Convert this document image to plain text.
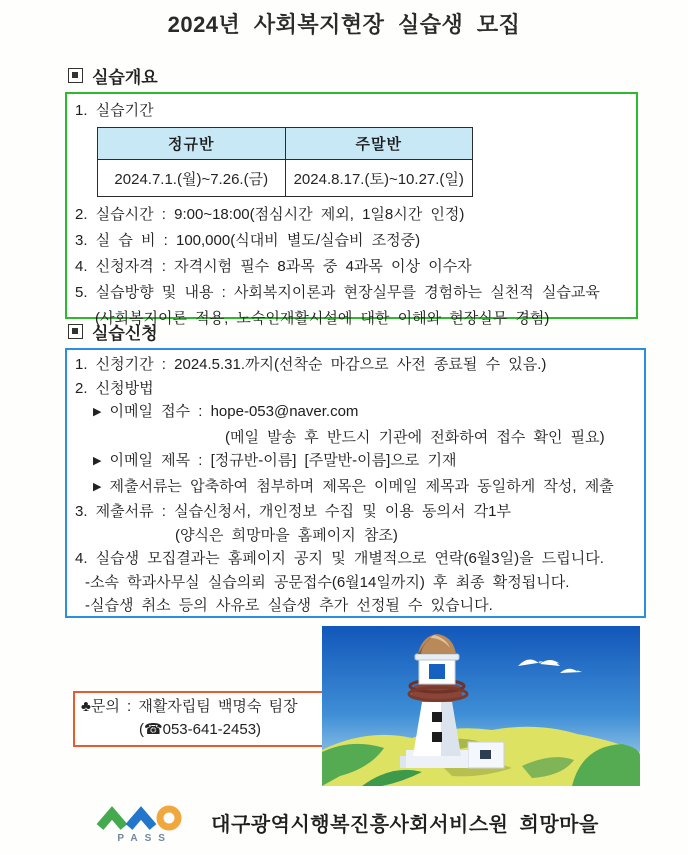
2024년 사회복지현장 실습생 모집
실습개요
1. 실습기간
정규반	주말반
2024.7.1.(월)~7.26.(금)	2024.8.17.(토)~10.27.(일)
2. 실습시간 : 9:00~18:00(점심시간 제외, 1일8시간 인정)
3. 실 습 비 : 100,000(식대비 별도/실습비 조정중)
4. 신청자격 : 자격시험 필수 8과목 중 4과목 이상 이수자
5. 실습방향 및 내용 : 사회복지이론과 현장실무를 경험하는 실천적 실습교육
(사회복지이론 적용, 노숙인재활시설에 대한 이해와 현장실무 경험)
실습신청
1. 신청기간 : 2024.5.31.까지(선착순 마감으로 사전 종료될 수 있음.)
2. 신청방법
▶ 이메일 접수 : hope-053@naver.com
(메일 발송 후 반드시 기관에 전화하여 접수 확인 필요)
▶ 이메일 제목 : [정규반-이름] [주말반-이름]으로 기재
▶ 제출서류는 압축하여 첨부하며 제목은 이메일 제목과 동일하게 작성, 제출
3. 제출서류 : 실습신청서, 개인정보 수집 및 이용 동의서 각1부
(양식은 희망마을 홈페이지 참조)
4. 실습생 모집결과는 홈페이지 공지 및 개별적으로 연락(6월3일)을 드립니다.
-소속 학과사무실 실습의뢰 공문접수(6월14일까지) 후 최종 확정됩니다.
-실습생 취소 등의 사유로 실습생 추가 선정될 수 있습니다.
♣문의 : 재활자립팀 백명숙 팀장
(☎053-641-2453)
PASS
대구광역시행복진흥사회서비스원 희망마을
